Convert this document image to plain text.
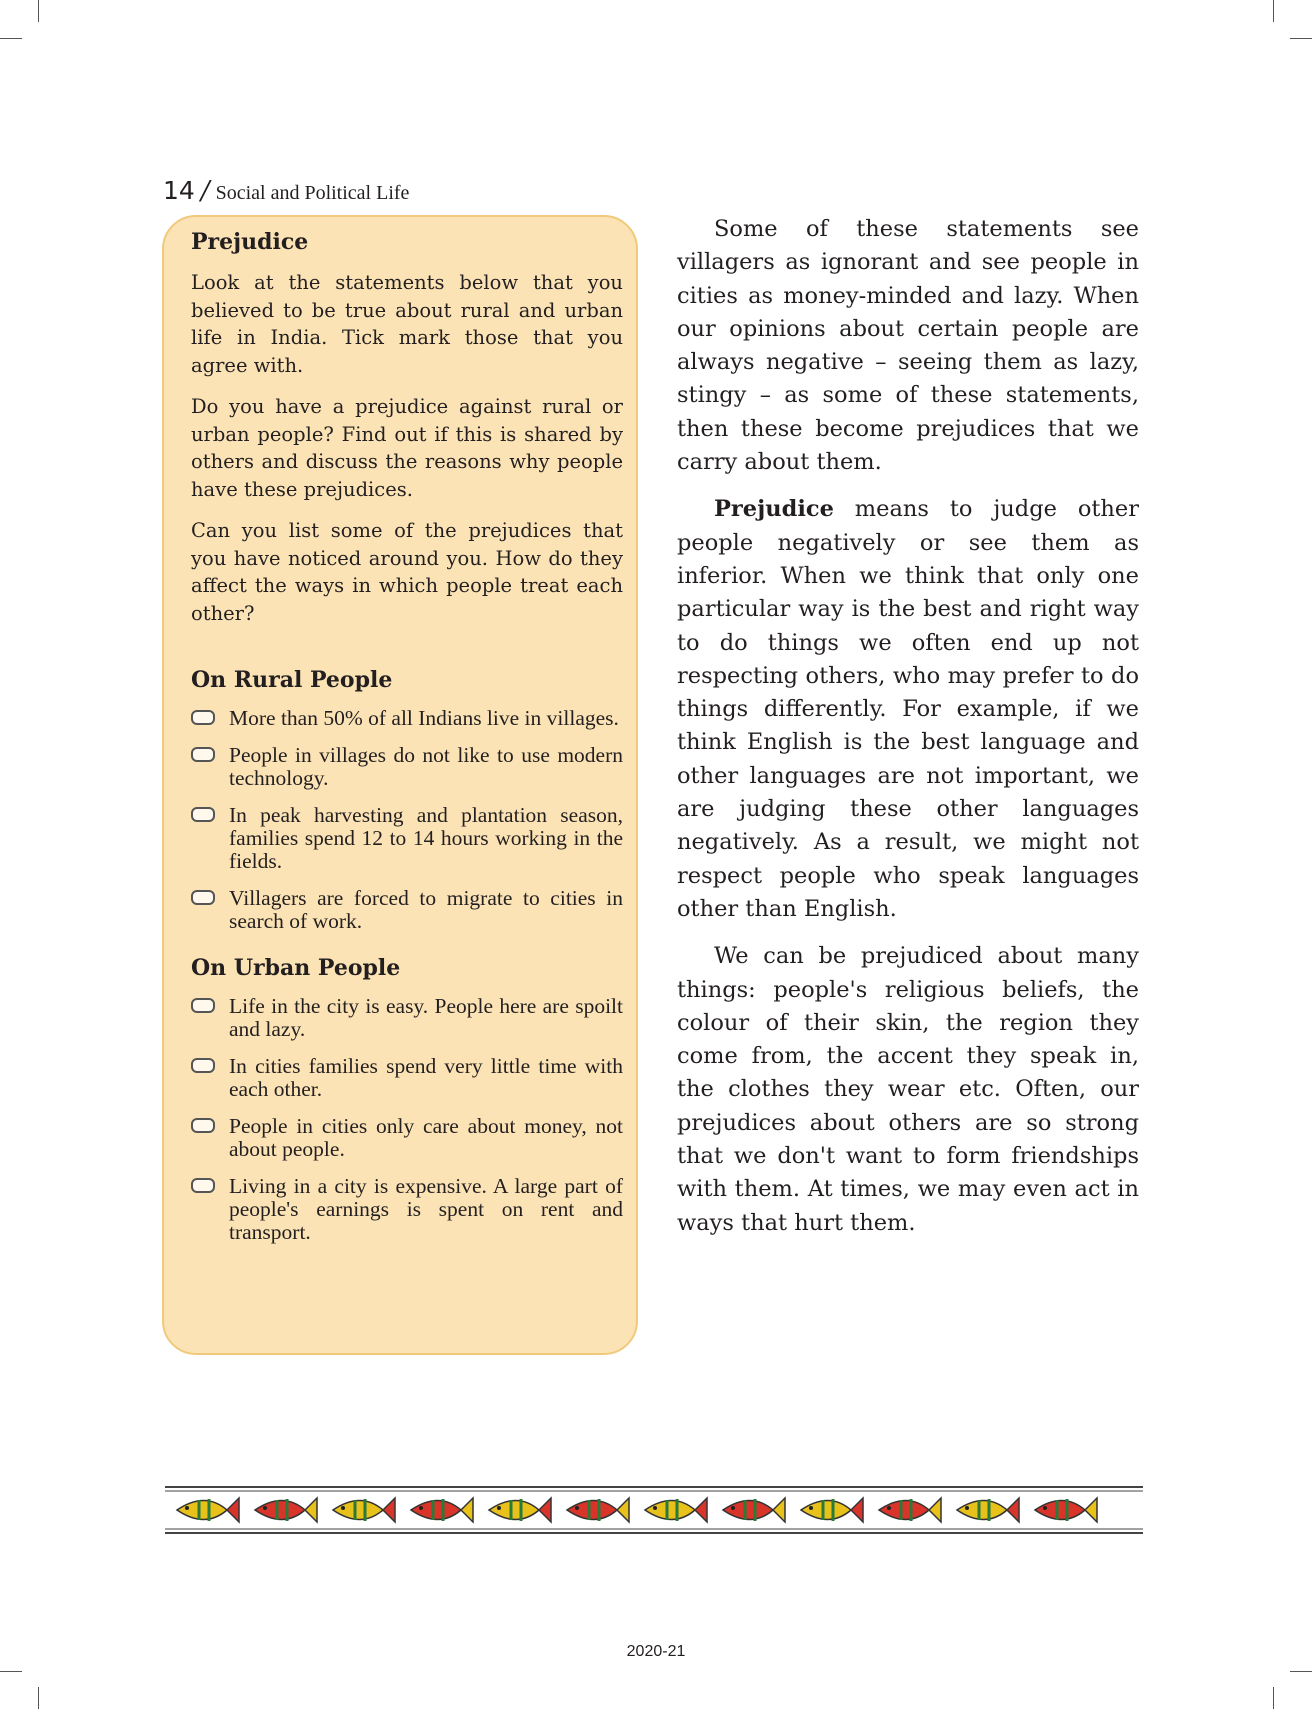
14 / Social and Political Life
Prejudice

Look at the statements below that you believed to be true about rural and urban life in India. Tick mark those that you agree with.

Do you have a prejudice against rural or urban people? Find out if this is shared by others and discuss the reasons why people have these prejudices.

Can you list some of the prejudices that you have noticed around you. How do they affect the ways in which people treat each other?

On Rural People
More than 50% of all Indians live in villages.
People in villages do not like to use modern technology.
In peak harvesting and plantation season, families spend 12 to 14 hours working in the fields.
Villagers are forced to migrate to cities in search of work.
On Urban People
Life in the city is easy. People here are spoilt and lazy.
In cities families spend very little time with each other.
People in cities only care about money, not about people.
Living in a city is expensive. A large part of people's earnings is spent on rent and transport.

Some of these statements see villagers as ignorant and see people in cities as money-minded and lazy. When our opinions about certain people are always negative – seeing them as lazy, stingy – as some of these statements, then these become prejudices that we carry about them.

Prejudice means to judge other people negatively or see them as inferior. When we think that only one particular way is the best and right way to do things we often end up not respecting others, who may prefer to do things differently. For example, if we think English is the best language and other languages are not important, we are judging these other languages negatively. As a result, we might not respect people who speak languages other than English.

We can be prejudiced about many things: people's religious beliefs, the colour of their skin, the region they come from, the accent they speak in, the clothes they wear etc. Often, our prejudices about others are so strong that we don't want to form friendships with them. At times, we may even act in ways that hurt them.

2020-21
